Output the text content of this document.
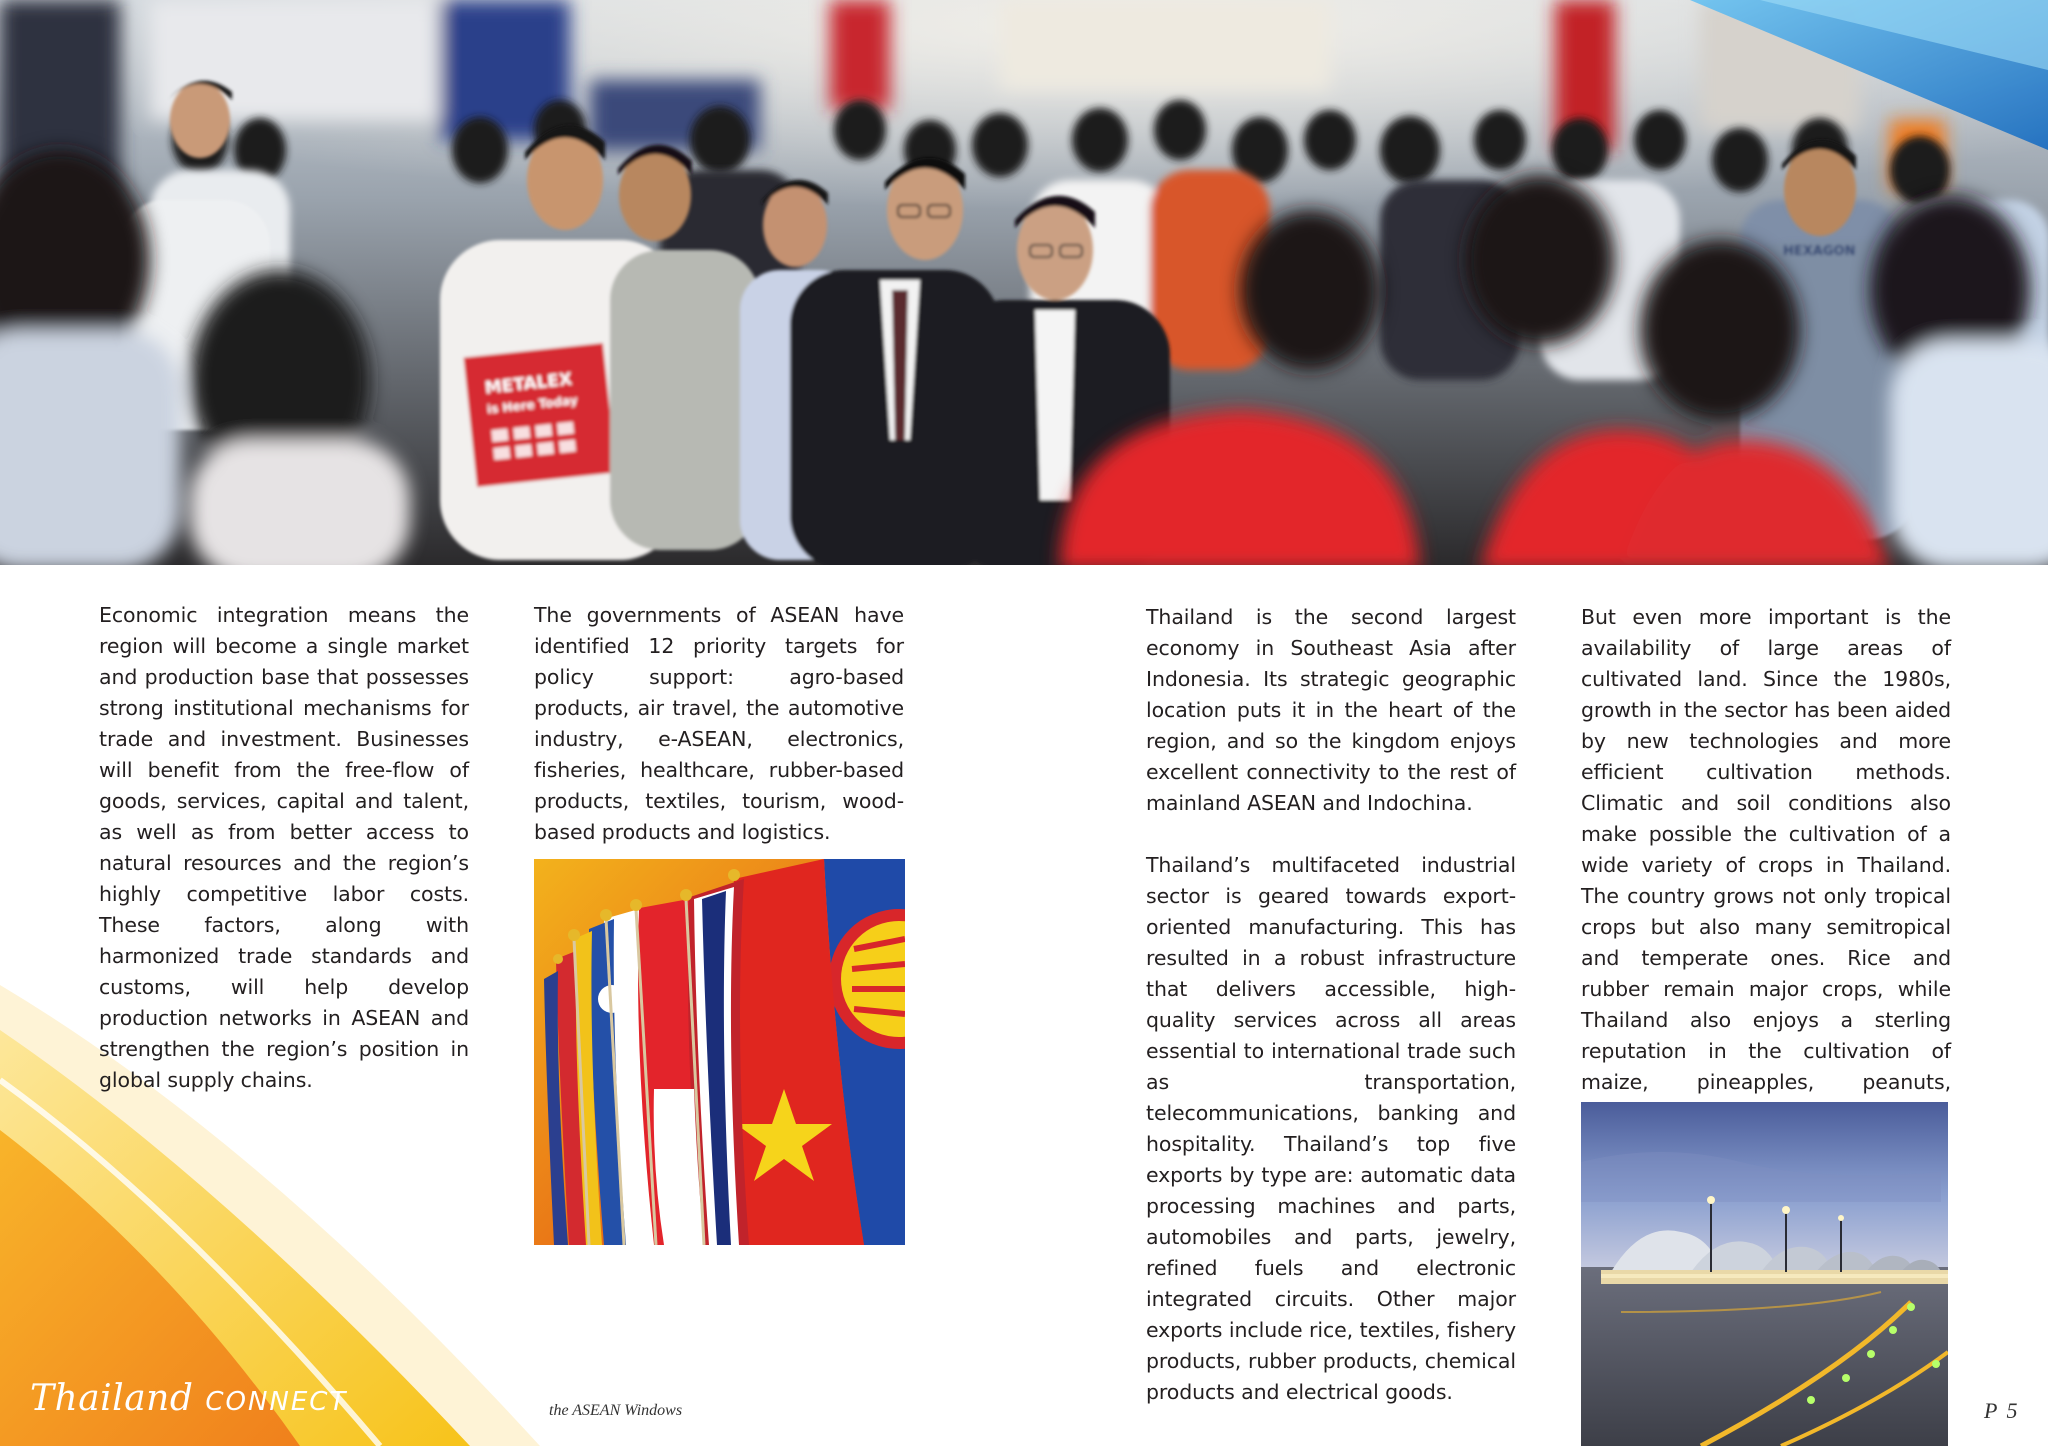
METALEX
is Here Today
HEXAGON

Economic integration means the region will become a single market and production base that possesses strong institutional mechanisms for trade and investment. Businesses will benefit from the free-flow of goods, services, capital and talent, as well as from better access to natural resources and the region’s highly competitive labor costs. These factors, along with harmonized trade standards and customs, will help develop production networks in ASEAN and strengthen the region’s position in global supply chains.

The governments of ASEAN have identified 12 priority targets for policy support: agro-based products, air travel, the automotive industry, e-ASEAN, electronics, fisheries, healthcare, rubber-based products, textiles, tourism, wood-based products and logistics.

Thailand is the second largest economy in Southeast Asia after Indonesia. Its strategic geographic location puts it in the heart of the region, and so the kingdom enjoys excellent connectivity to the rest of mainland ASEAN and Indochina.

Thailand’s multifaceted industrial sector is geared towards export-oriented manufacturing. This has resulted in a robust infrastructure that delivers accessible, high-quality services across all areas essential to international trade such as transportation, telecommunications, banking and hospitality. Thailand’s top five exports by type are: automatic data processing machines and parts, automobiles and parts, jewelry, refined fuels and electronic integrated circuits. Other major exports include rice, textiles, fishery products, rubber products, chemical products and electrical goods.

But even more important is the availability of large areas of cultivated land. Since the 1980s, growth in the sector has been aided by new technologies and more efficient cultivation methods. Climatic and soil conditions also make possible the cultivation of a wide variety of crops in Thailand. The country grows not only tropical crops but also many semitropical and temperate ones. Rice and rubber remain major crops, while Thailand also enjoys a sterling reputation in the cultivation of maize, pineapples, peanuts,

Thailand CONNECT	the ASEAN Windows	P 5
